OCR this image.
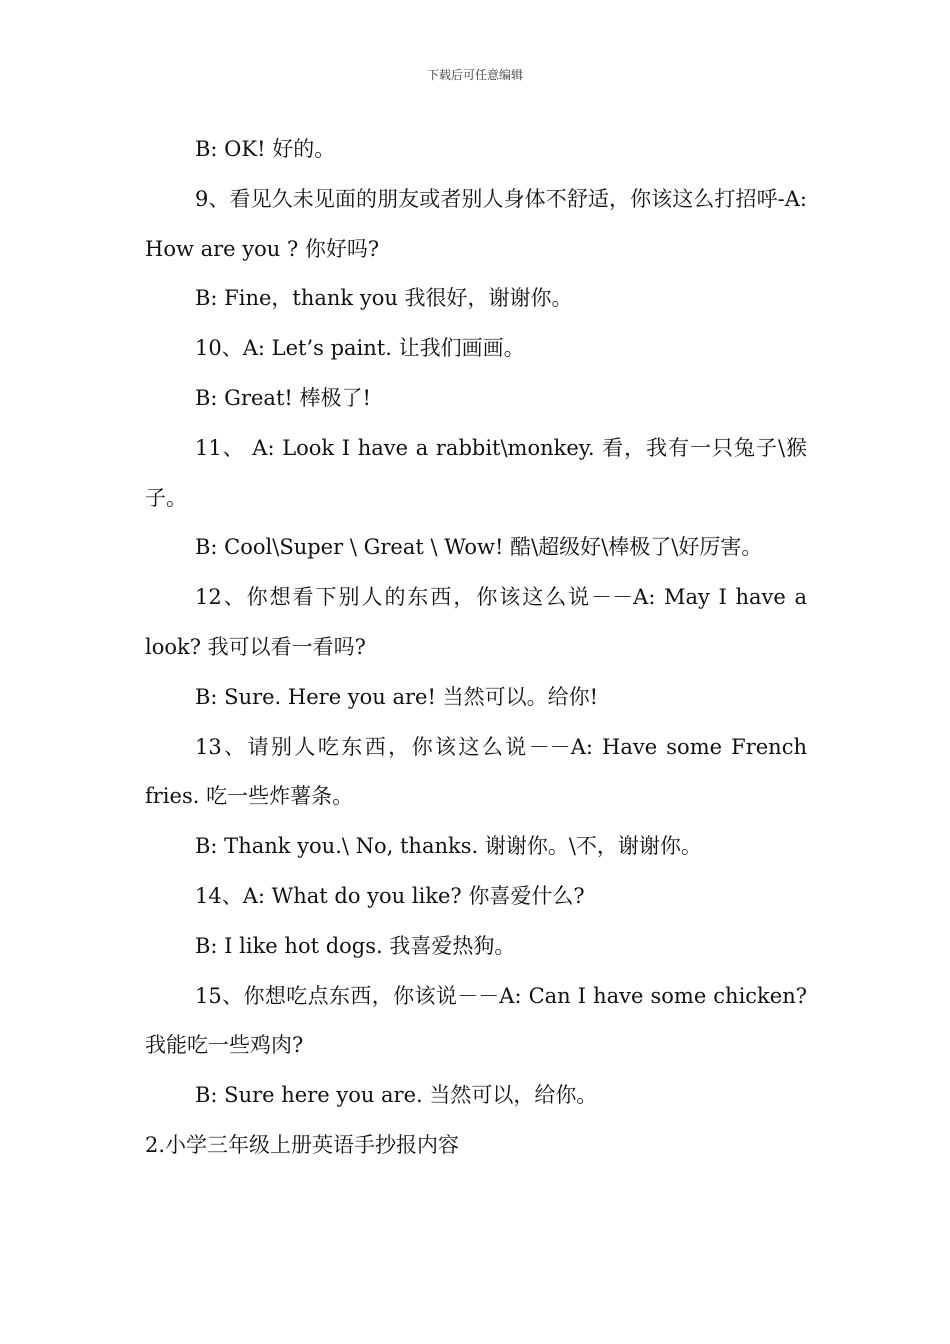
下载后可任意编辑

B: OK! 好的。

9、看见久未见面的朋友或者别人身体不舒适，你该这么打招呼-A: How are you ? 你好吗?

B: Fine，thank you 我很好，谢谢你。

10、A: Let’s paint. 让我们画画。

B: Great! 棒极了!

11、 A: Look I have a rabbit\monkey. 看，我有一只兔子\猴子。

B: Cool\Super \ Great \ Wow! 酷\超级好\棒极了\好厉害。

12、你想看下别人的东西，你该这么说－－A: May I have a look? 我可以看一看吗?

B: Sure. Here you are! 当然可以。给你!

13、请别人吃东西，你该这么说－－A: Have some French fries. 吃一些炸薯条。

B: Thank you.\ No, thanks. 谢谢你。\不，谢谢你。

14、A: What do you like? 你喜爱什么?

B: I like hot dogs. 我喜爱热狗。

15、你想吃点东西，你该说－－A: Can I have some chicken? 我能吃一些鸡肉?

B: Sure here you are. 当然可以，给你。

2.小学三年级上册英语手抄报内容
